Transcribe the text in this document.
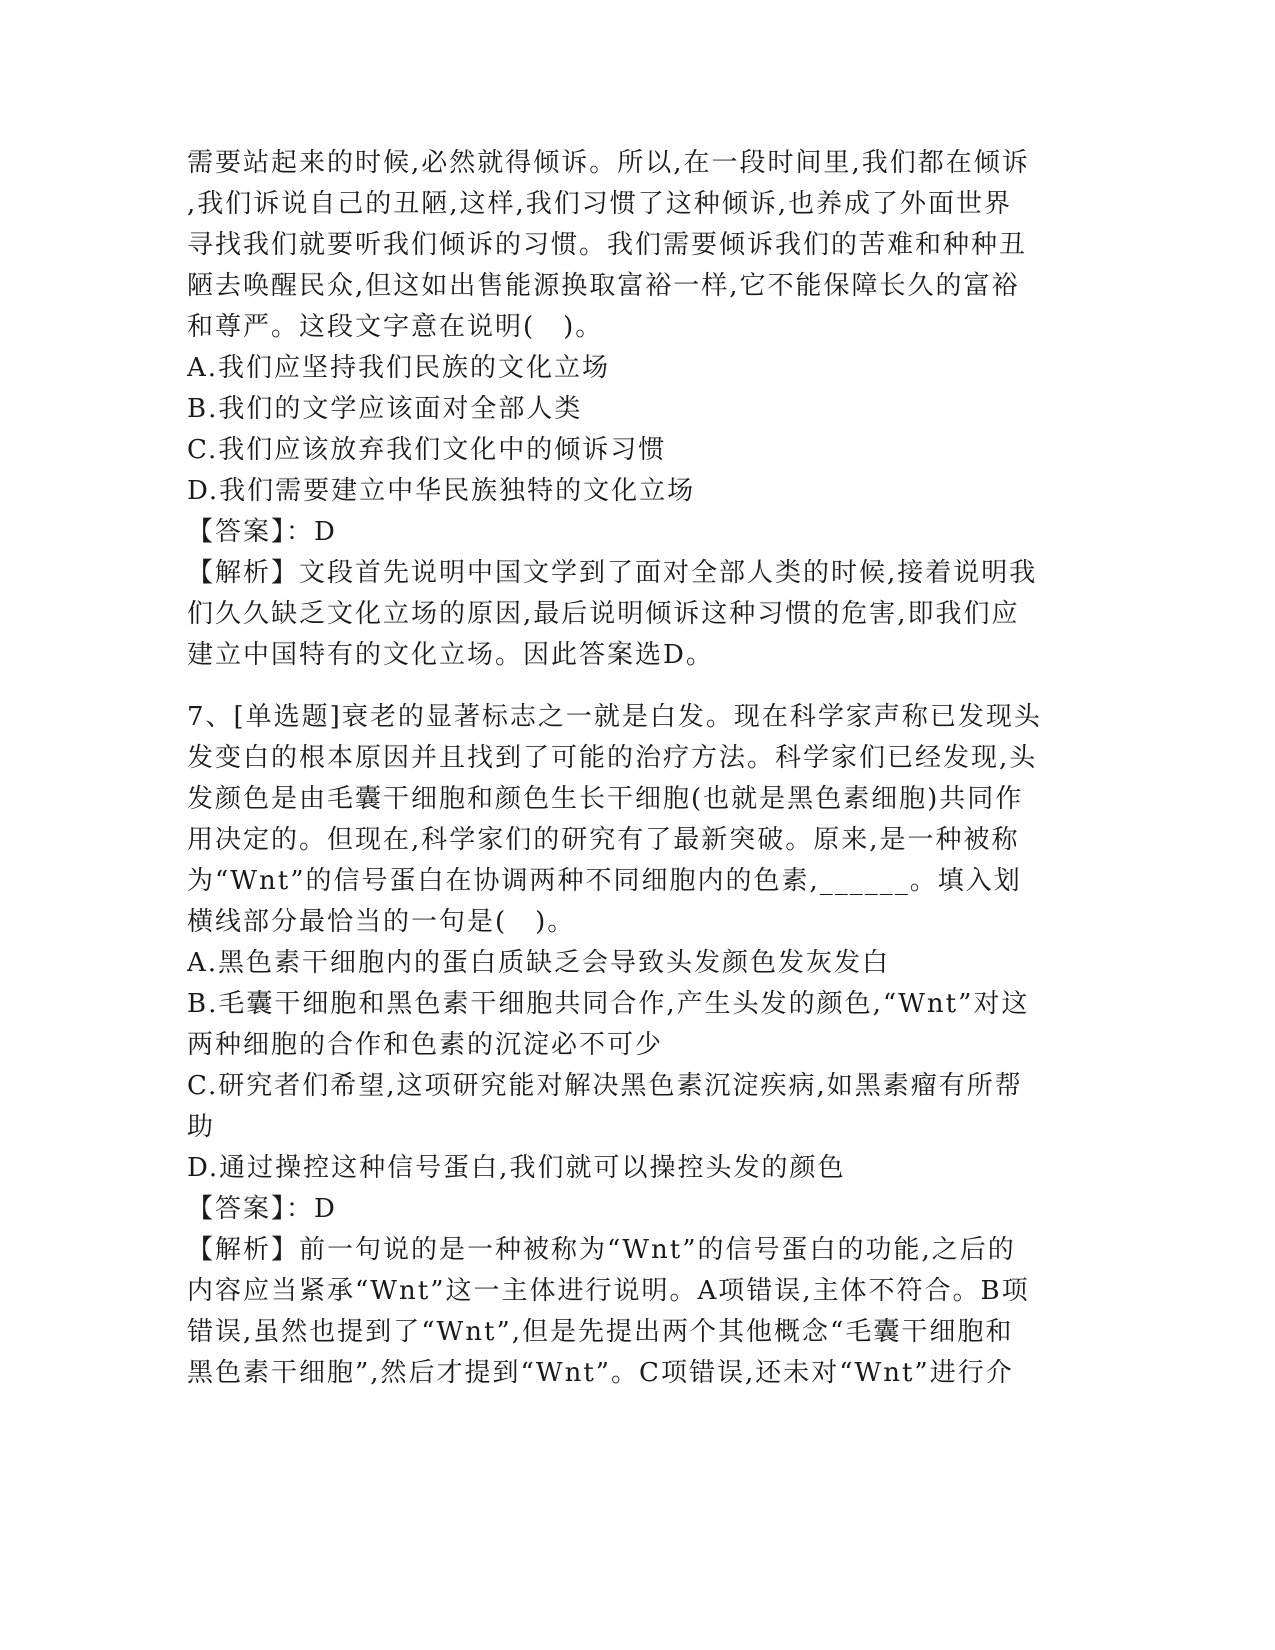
需要站起来的时候,必然就得倾诉。所以,在一段时间里,我们都在倾诉
,我们诉说自己的丑陋,这样,我们习惯了这种倾诉,也养成了外面世界
寻找我们就要听我们倾诉的习惯。我们需要倾诉我们的苦难和种种丑
陋去唤醒民众,但这如出售能源换取富裕一样,它不能保障长久的富裕
和尊严。这段文字意在说明(　)。
A.我们应坚持我们民族的文化立场
B.我们的文学应该面对全部人类
C.我们应该放弃我们文化中的倾诉习惯
D.我们需要建立中华民族独特的文化立场
【答案】：D
【解析】文段首先说明中国文学到了面对全部人类的时候,接着说明我
们久久缺乏文化立场的原因,最后说明倾诉这种习惯的危害,即我们应
建立中国特有的文化立场。因此答案选D。
7、[单选题]衰老的显著标志之一就是白发。现在科学家声称已发现头
发变白的根本原因并且找到了可能的治疗方法。科学家们已经发现,头
发颜色是由毛囊干细胞和颜色生长干细胞(也就是黑色素细胞)共同作
用决定的。但现在,科学家们的研究有了最新突破。原来,是一种被称
为“Wnt”的信号蛋白在协调两种不同细胞内的色素,______。填入划
横线部分最恰当的一句是(　)。
A.黑色素干细胞内的蛋白质缺乏会导致头发颜色发灰发白
B.毛囊干细胞和黑色素干细胞共同合作,产生头发的颜色,“Wnt”对这
两种细胞的合作和色素的沉淀必不可少
C.研究者们希望,这项研究能对解决黑色素沉淀疾病,如黑素瘤有所帮
助
D.通过操控这种信号蛋白,我们就可以操控头发的颜色
【答案】：D
【解析】前一句说的是一种被称为“Wnt”的信号蛋白的功能,之后的
内容应当紧承“Wnt”这一主体进行说明。A项错误,主体不符合。B项
错误,虽然也提到了“Wnt”,但是先提出两个其他概念“毛囊干细胞和
黑色素干细胞”,然后才提到“Wnt”。C项错误,还未对“Wnt”进行介
